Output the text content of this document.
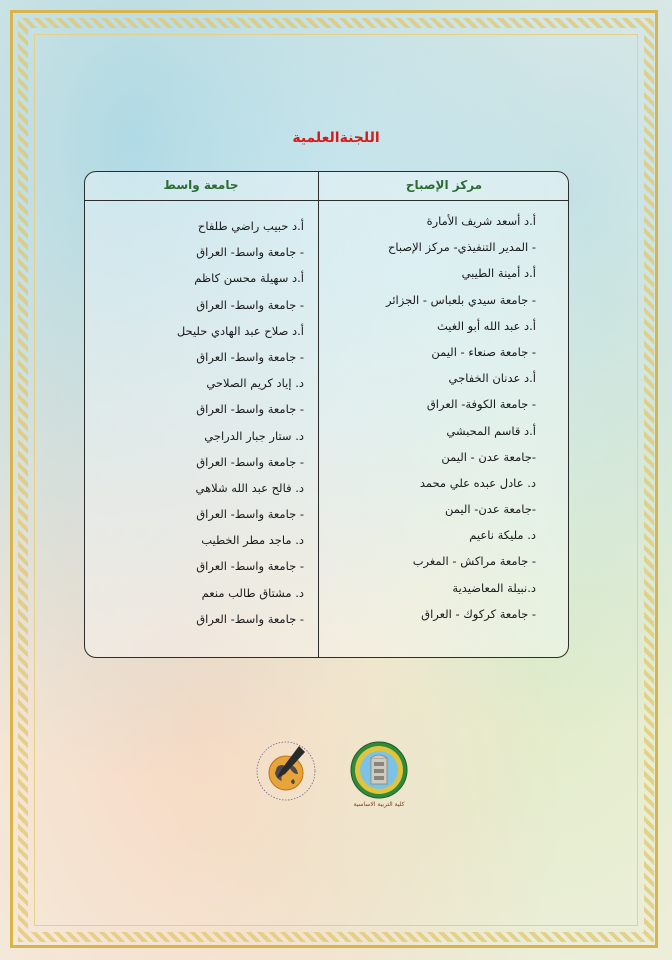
اللجنةالعلمية
مركز الإصباح
جامعة واسط
أ.د أسعد شريف الأمارة
- المدير التنفيذي- مركز الإصباح
أ.د أمينة الطيبي
- جامعة سيدي بلعباس - الجزائر
أ.د عبد الله أبو الغيث
- جامعة صنعاء - اليمن
أ.د عدنان الخفاجي
- جامعة الكوفة- العراق
أ.د قاسم المحبشي
-جامعة عدن - اليمن
د. عادل عبده علي محمد
-جامعة عدن- اليمن
د. مليكة ناعيم
- جامعة مراكش - المغرب
د.نبيلة المعاضيدية
- جامعة كركوك - العراق
أ.د حبيب راضي طلفاح
- جامعة واسط- العراق
أ.د سهيلة محسن كاظم
- جامعة واسط- العراق
أ.د صلاح عبد الهادي حليحل
- جامعة واسط- العراق
د. إياد كريم الصلاحي
- جامعة واسط- العراق
د. ستار جبار الدراجي
- جامعة واسط- العراق
د. فالح عبد الله شلاهي
- جامعة واسط- العراق
د. ماجد مطر الخطيب
- جامعة واسط- العراق
د. مشتاق طالب منعم
- جامعة واسط- العراق
كلية التربية الاساسية
